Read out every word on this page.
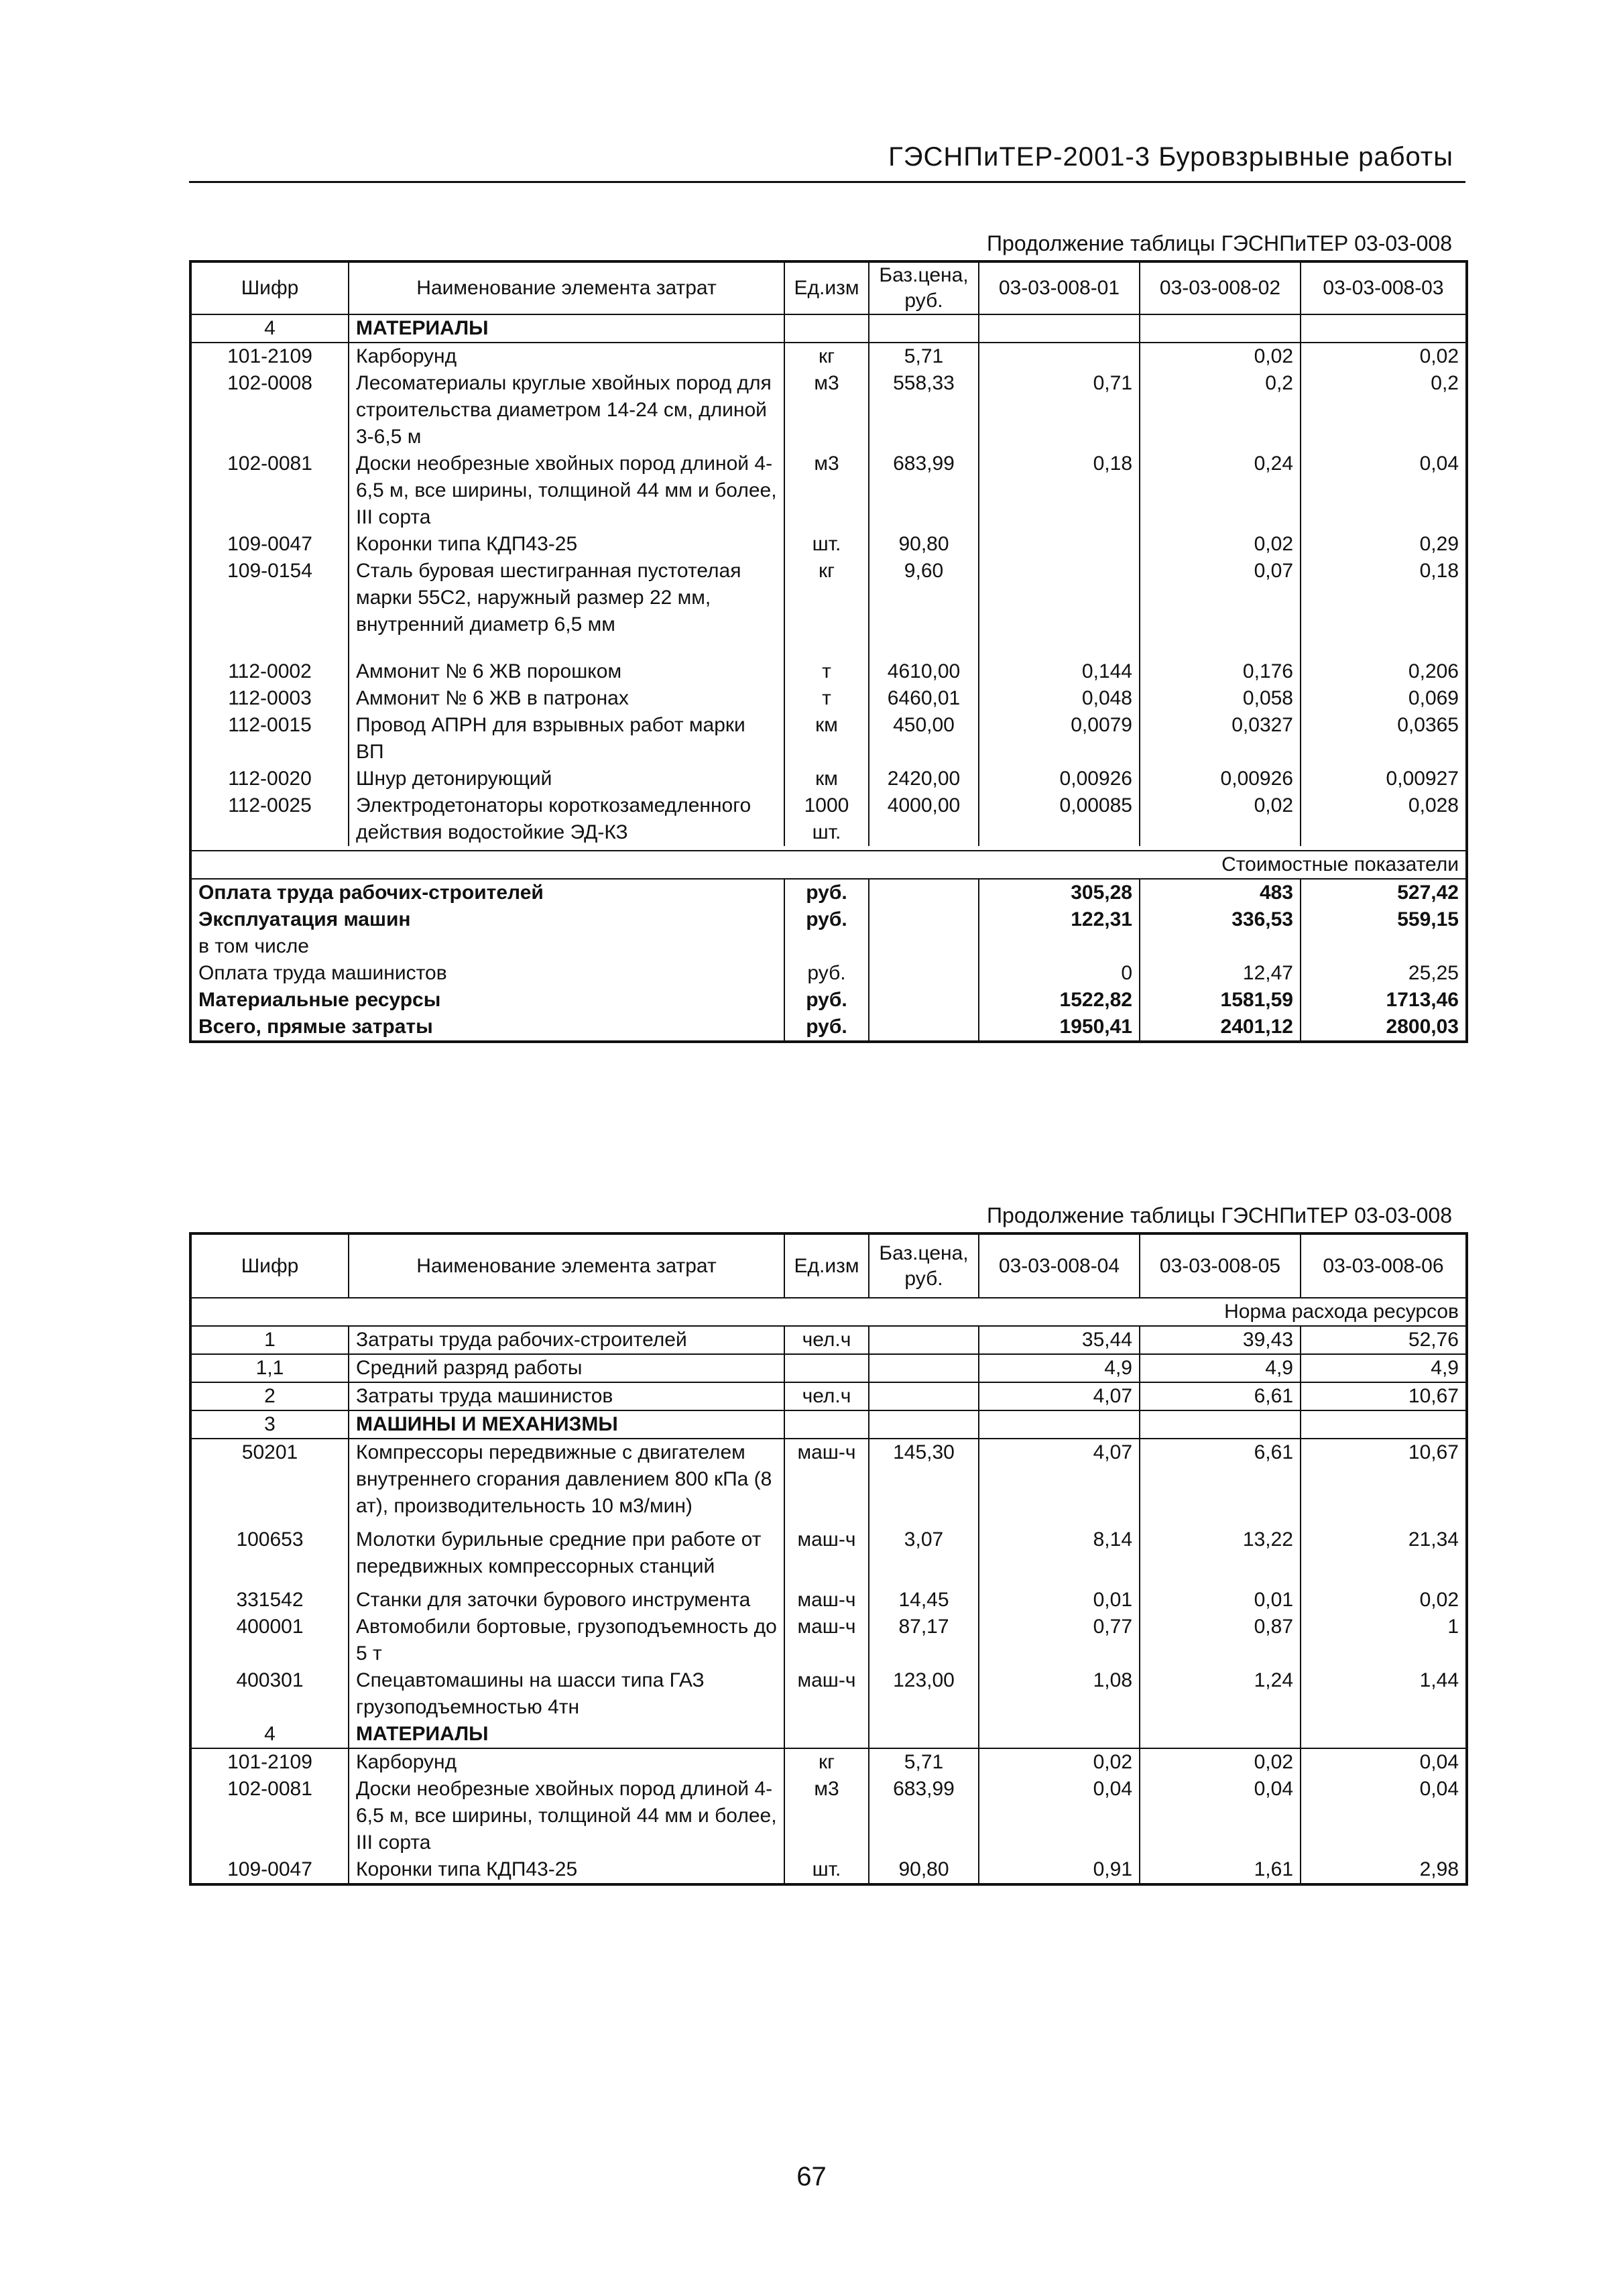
ГЭСНПиТЕР-2001-3 Буровзрывные работы
Продолжение таблицы ГЭСНПиТЕР 03-03-008
Шифр	Наименование элемента затрат	Ед.изм	Баз.цена, руб.	03-03-008-01	03-03-008-02	03-03-008-03
4	МАТЕРИАЛЫ					
101-2109	Карборунд	кг	5,71		0,02	0,02
102-0008	Лесоматериалы круглые хвойных пород для строительства диаметром 14-24 см, длиной 3-6,5 м	м3	558,33	0,71	0,2	0,2
102-0081	Доски необрезные хвойных пород длиной 4-6,5 м, все ширины, толщиной 44 мм и более, III сорта	м3	683,99	0,18	0,24	0,04
109-0047	Коронки типа КДП43-25	шт.	90,80		0,02	0,29
109-0154	Сталь буровая шестигранная пустотелая марки 55С2, наружный размер 22 мм, внутренний диаметр 6,5 мм	кг	9,60		0,07	0,18

112-0002	Аммонит № 6 ЖВ порошком	т	4610,00	0,144	0,176	0,206
112-0003	Аммонит № 6 ЖВ в патронах	т	6460,01	0,048	0,058	0,069
112-0015	Провод АПРН для взрывных работ марки ВП	км	450,00	0,0079	0,0327	0,0365
112-0020	Шнур детонирующий	км	2420,00	0,00926	0,00926	0,00927
112-0025	Электродетонаторы короткозамедленного действия водостойкие ЭД-КЗ	1000 шт.	4000,00	0,00085	0,02	0,028

Стоимостные показатели						
Оплата труда рабочих-строителей		руб.		305,28	483	527,42
Эксплуатация машин		руб.		122,31	336,53	559,15
в том числе						
Оплата труда машинистов		руб.		0	12,47	25,25
Материальные ресурсы		руб.		1522,82	1581,59	1713,46
Всего, прямые затраты		руб.		1950,41	2401,12	2800,03
Продолжение таблицы ГЭСНПиТЕР 03-03-008
Шифр	Наименование элемента затрат	Ед.изм	Баз.цена, руб.	03-03-008-04	03-03-008-05	03-03-008-06
Норма расхода ресурсов						
1	Затраты труда рабочих-строителей	чел.ч		35,44	39,43	52,76
1,1	Средний разряд работы			4,9	4,9	4,9
2	Затраты труда машинистов	чел.ч		4,07	6,61	10,67
3	МАШИНЫ И МЕХАНИЗМЫ					
50201	Компрессоры передвижные с двигателем внутреннего сгорания давлением 800 кПа (8 ат), производительность 10 м3/мин)	маш-ч	145,30	4,07	6,61	10,67

100653	Молотки бурильные средние при работе от передвижных компрессорных станций	маш-ч	3,07	8,14	13,22	21,34

331542	Станки для заточки бурового инструмента	маш-ч	14,45	0,01	0,01	0,02
400001	Автомобили бортовые, грузоподъемность до 5 т	маш-ч	87,17	0,77	0,87	1
400301	Спецавтомашины на шасси типа ГАЗ грузоподъемностью 4тн	маш-ч	123,00	1,08	1,24	1,44
4	МАТЕРИАЛЫ					
101-2109	Карборунд	кг	5,71	0,02	0,02	0,04
102-0081	Доски необрезные хвойных пород длиной 4-6,5 м, все ширины, толщиной 44 мм и более, III сорта	м3	683,99	0,04	0,04	0,04
109-0047	Коронки типа КДП43-25	шт.	90,80	0,91	1,61	2,98
67
